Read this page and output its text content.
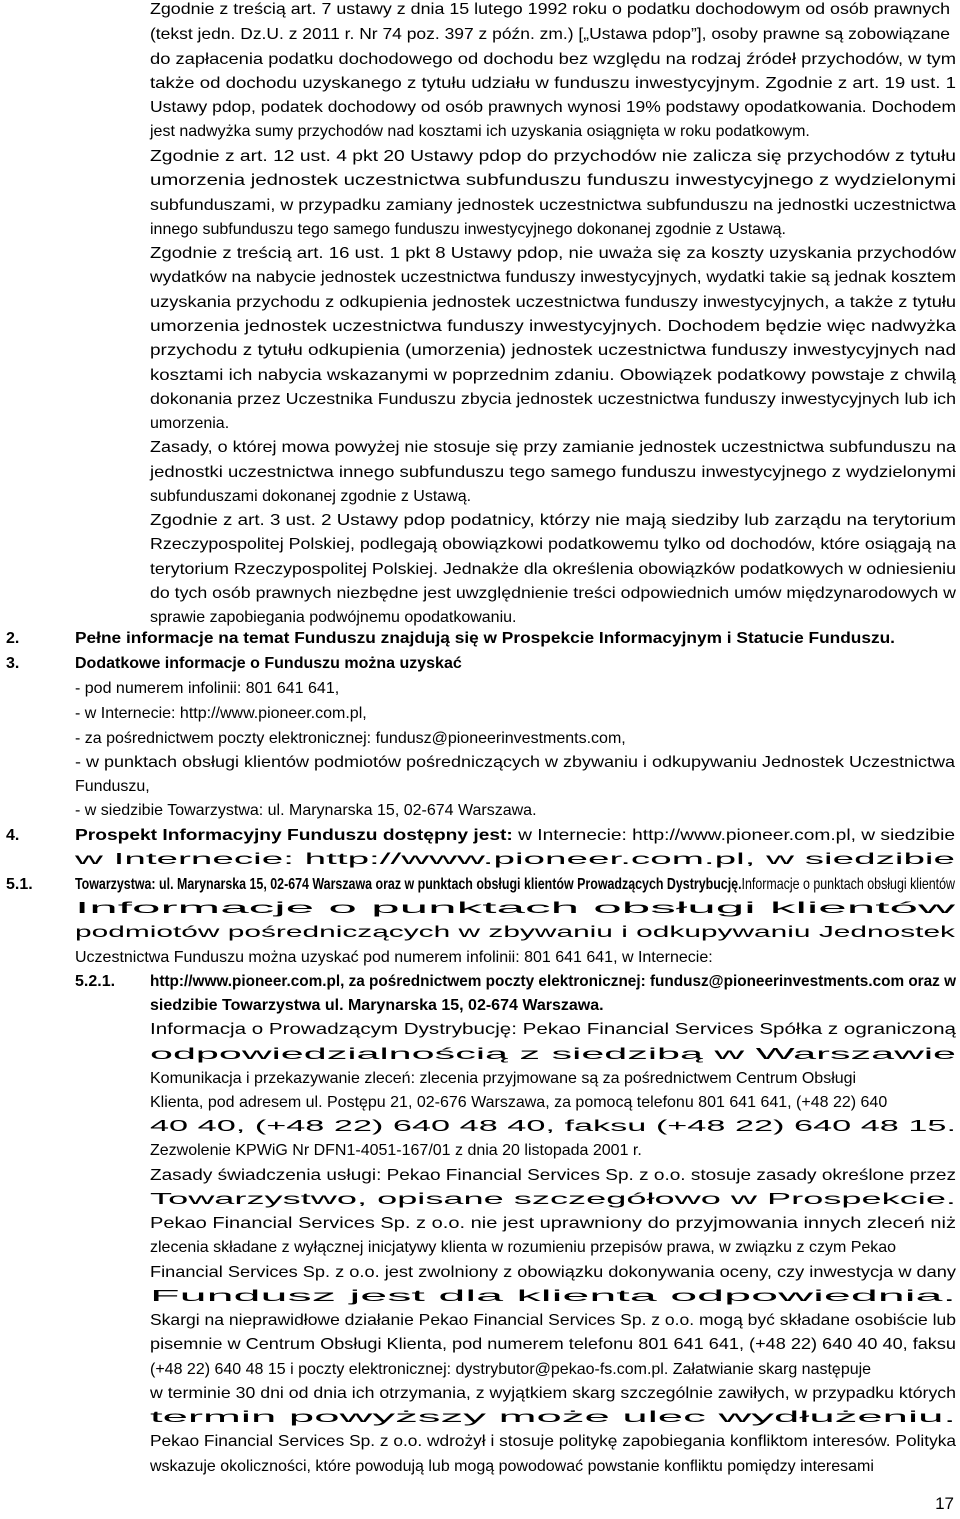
2.
3.
4.
5.1.
5.2.1.
Zgodnie z treścią art. 7 ustawy z dnia 15 lutego 1992 roku o podatku dochodowym od osób prawnych
(tekst jedn. Dz.U. z 2011 r. Nr 74 poz. 397 z późn. zm.) [„Ustawa pdop”], osoby prawne są zobowiązane
do zapłacenia podatku dochodowego od dochodu bez względu na rodzaj źródeł przychodów, w tym
także od dochodu uzyskanego z tytułu udziału w funduszu inwestycyjnym. Zgodnie z art. 19 ust. 1
Ustawy pdop, podatek dochodowy od osób prawnych wynosi 19% podstawy opodatkowania. Dochodem
jest nadwyżka sumy przychodów nad kosztami ich uzyskania osiągnięta w roku podatkowym.
Zgodnie z art. 12 ust. 4 pkt 20 Ustawy pdop do przychodów nie zalicza się przychodów z tytułu
umorzenia jednostek uczestnictwa subfunduszu funduszu inwestycyjnego z wydzielonymi
subfunduszami, w przypadku zamiany jednostek uczestnictwa subfunduszu na jednostki uczestnictwa
innego subfunduszu tego samego funduszu inwestycyjnego dokonanej zgodnie z Ustawą.
Zgodnie z treścią art. 16 ust. 1 pkt 8 Ustawy pdop, nie uważa się za koszty uzyskania przychodów
wydatków na nabycie jednostek uczestnictwa funduszy inwestycyjnych, wydatki takie są jednak kosztem
uzyskania przychodu z odkupienia jednostek uczestnictwa funduszy inwestycyjnych, a także z tytułu
umorzenia jednostek uczestnictwa funduszy inwestycyjnych. Dochodem będzie więc nadwyżka
przychodu z tytułu odkupienia (umorzenia) jednostek uczestnictwa funduszy inwestycyjnych nad
kosztami ich nabycia wskazanymi w poprzednim zdaniu. Obowiązek podatkowy powstaje z chwilą
dokonania przez Uczestnika Funduszu zbycia jednostek uczestnictwa funduszy inwestycyjnych lub ich
umorzenia.
Zasady, o której mowa powyżej nie stosuje się przy zamianie jednostek uczestnictwa subfunduszu na
jednostki uczestnictwa innego subfunduszu tego samego funduszu inwestycyjnego z wydzielonymi
subfunduszami dokonanej zgodnie z Ustawą.
Zgodnie z art. 3 ust. 2 Ustawy pdop podatnicy, którzy nie mają siedziby lub zarządu na terytorium
Rzeczypospolitej Polskiej, podlegają obowiązkowi podatkowemu tylko od dochodów, które osiągają na
terytorium Rzeczypospolitej Polskiej. Jednakże dla określenia obowiązków podatkowych w odniesieniu
do tych osób prawnych niezbędne jest uwzględnienie treści odpowiednich umów międzynarodowych w
sprawie zapobiegania podwójnemu opodatkowaniu.
Pełne informacje na temat Funduszu znajdują się w Prospekcie Informacyjnym i Statucie Funduszu.
Dodatkowe informacje o Funduszu można uzyskać
- pod numerem infolinii: 801 641 641,
- w Internecie: http://www.pioneer.com.pl,
- za pośrednictwem poczty elektronicznej: fundusz@pioneerinvestments.com,
- w punktach obsługi klientów podmiotów pośredniczących w zbywaniu i odkupywaniu Jednostek Uczestnictwa
Funduszu,
- w siedzibie Towarzystwa: ul. Marynarska 15, 02-674 Warszawa.
w Internecie: http://www.pioneer.com.pl, w siedzibie
Informacje o punktach obsługi klientów
podmiotów pośredniczących w zbywaniu i odkupywaniu Jednostek
Uczestnictwa Funduszu można uzyskać pod numerem infolinii: 801 641 641, w Internecie:
http://www.pioneer.com.pl, za pośrednictwem poczty elektronicznej: fundusz@pioneerinvestments.com oraz w
siedzibie Towarzystwa ul. Marynarska 15, 02-674 Warszawa.
Informacja o Prowadzącym Dystrybucję: Pekao Financial Services Spółka z ograniczoną
odpowiedzialnością z siedzibą w Warszawie
Komunikacja i przekazywanie zleceń: zlecenia przyjmowane są za pośrednictwem Centrum Obsługi
Klienta, pod adresem ul. Postępu 21, 02-676 Warszawa, za pomocą telefonu 801 641 641, (+48 22) 640
40 40, (+48 22) 640 48 40, faksu (+48 22) 640 48 15.
Zezwolenie KPWiG Nr DFN1-4051-167/01 z dnia 20 listopada 2001 r.
Zasady świadczenia usługi: Pekao Financial Services Sp. z o.o. stosuje zasady określone przez
Towarzystwo, opisane szczegółowo w Prospekcie.
Pekao Financial Services Sp. z o.o. nie jest uprawniony do przyjmowania innych zleceń niż
zlecenia składane z wyłącznej inicjatywy klienta w rozumieniu przepisów prawa, w związku z czym Pekao
Financial Services Sp. z o.o. jest zwolniony z obowiązku dokonywania oceny, czy inwestycja w dany
Fundusz jest dla klienta odpowiednia.
Skargi na nieprawidłowe działanie Pekao Financial Services Sp. z o.o. mogą być składane osobiście lub
pisemnie w Centrum Obsługi Klienta, pod numerem telefonu 801 641 641, (+48 22) 640 40 40, faksu
(+48 22) 640 48 15 i poczty elektronicznej: dystrybutor@pekao-fs.com.pl. Załatwianie skarg następuje
w terminie 30 dni od dnia ich otrzymania, z wyjątkiem skarg szczególnie zawiłych, w przypadku których
termin powyższy może ulec wydłużeniu.
Pekao Financial Services Sp. z o.o. wdrożył i stosuje politykę zapobiegania konfliktom interesów. Polityka
wskazuje okoliczności, które powodują lub mogą powodować powstanie konfliktu pomiędzy interesami
Prospekt Informacyjny Funduszu dostępny jest: w Internecie: http://www.pioneer.com.pl, w siedzibie
Towarzystwa: ul. Marynarska 15, 02-674 Warszawa oraz w punktach obsługi klientów Prowadzących Dystrybucję.Informacje o punktach obsługi klientów
17
